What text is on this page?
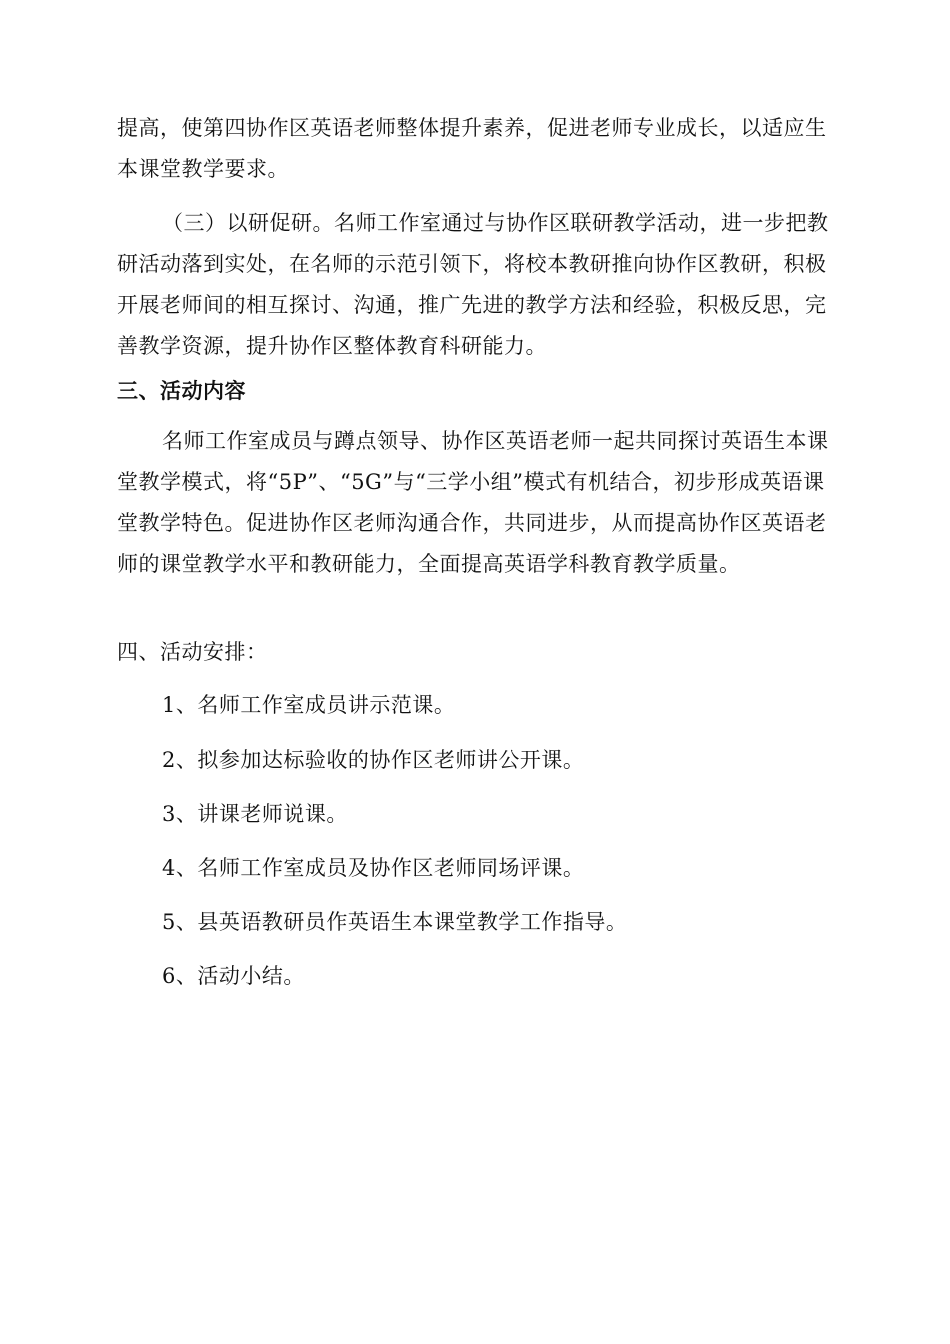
提高，使第四协作区英语老师整体提升素养，促进老师专业成长，以适应生本课堂教学要求。

（三）以研促研。名师工作室通过与协作区联研教学活动，进一步把教研活动落到实处，在名师的示范引领下，将校本教研推向协作区教研，积极开展老师间的相互探讨、沟通，推广先进的教学方法和经验，积极反思，完善教学资源，提升协作区整体教育科研能力。

三、活动内容

名师工作室成员与蹲点领导、协作区英语老师一起共同探讨英语生本课堂教学模式，将“5P”、“5G”与“三学小组”模式有机结合，初步形成英语课堂教学特色。促进协作区老师沟通合作，共同进步，从而提高协作区英语老师的课堂教学水平和教研能力，全面提高英语学科教育教学质量。

四、活动安排：

1、名师工作室成员讲示范课。

2、拟参加达标验收的协作区老师讲公开课。

3、讲课老师说课。

4、名师工作室成员及协作区老师同场评课。

5、县英语教研员作英语生本课堂教学工作指导。

6、活动小结。
